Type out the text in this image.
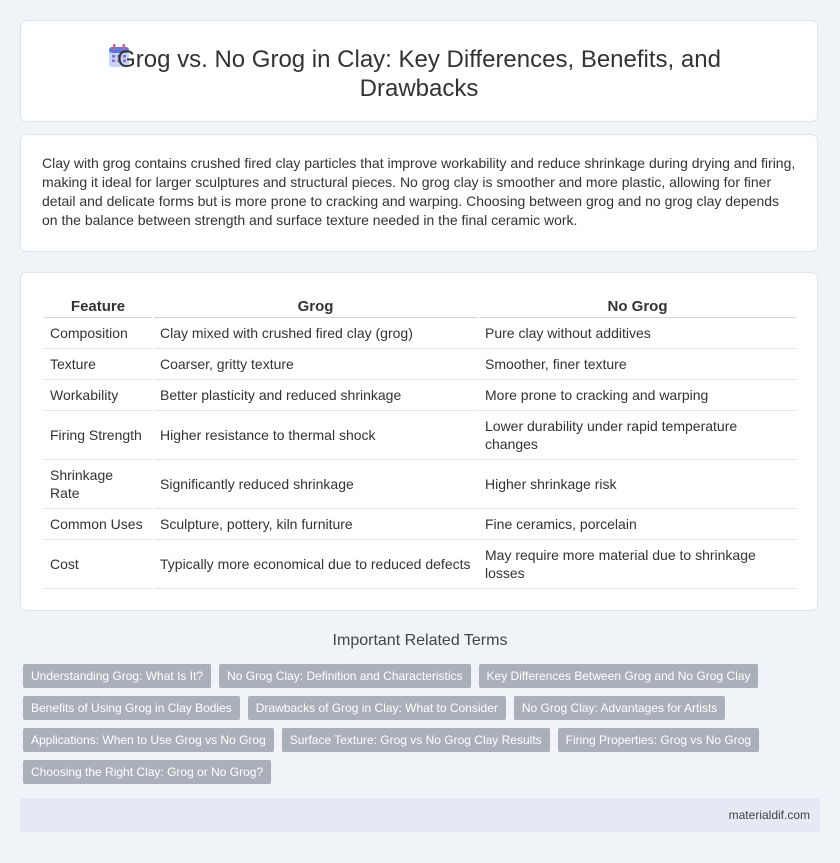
Grog vs. No Grog in Clay: Key Differences, Benefits, and Drawbacks

Clay with grog contains crushed fired clay particles that improve workability and reduce shrinkage during drying and firing, making it ideal for larger sculptures and structural pieces. No grog clay is smoother and more plastic, allowing for finer detail and delicate forms but is more prone to cracking and warping. Choosing between grog and no grog clay depends on the balance between strength and surface texture needed in the final ceramic work.

Feature	Grog	No Grog
Composition	Clay mixed with crushed fired clay (grog)	Pure clay without additives
Texture	Coarser, gritty texture	Smoother, finer texture
Workability	Better plasticity and reduced shrinkage	More prone to cracking and warping
Firing Strength	Higher resistance to thermal shock	Lower durability under rapid temperature changes
Shrinkage Rate	Significantly reduced shrinkage	Higher shrinkage risk
Common Uses	Sculpture, pottery, kiln furniture	Fine ceramics, porcelain
Cost	Typically more economical due to reduced defects	May require more material due to shrinkage losses
Important Related Terms
Understanding Grog: What Is It?	No Grog Clay: Definition and Characteristics	Key Differences Between Grog and No Grog Clay
Benefits of Using Grog in Clay Bodies	Drawbacks of Grog in Clay: What to Consider	No Grog Clay: Advantages for Artists
Applications: When to Use Grog vs No Grog	Surface Texture: Grog vs No Grog Clay Results	Firing Properties: Grog vs No Grog
Choosing the Right Clay: Grog or No Grog?
materialdif.com
